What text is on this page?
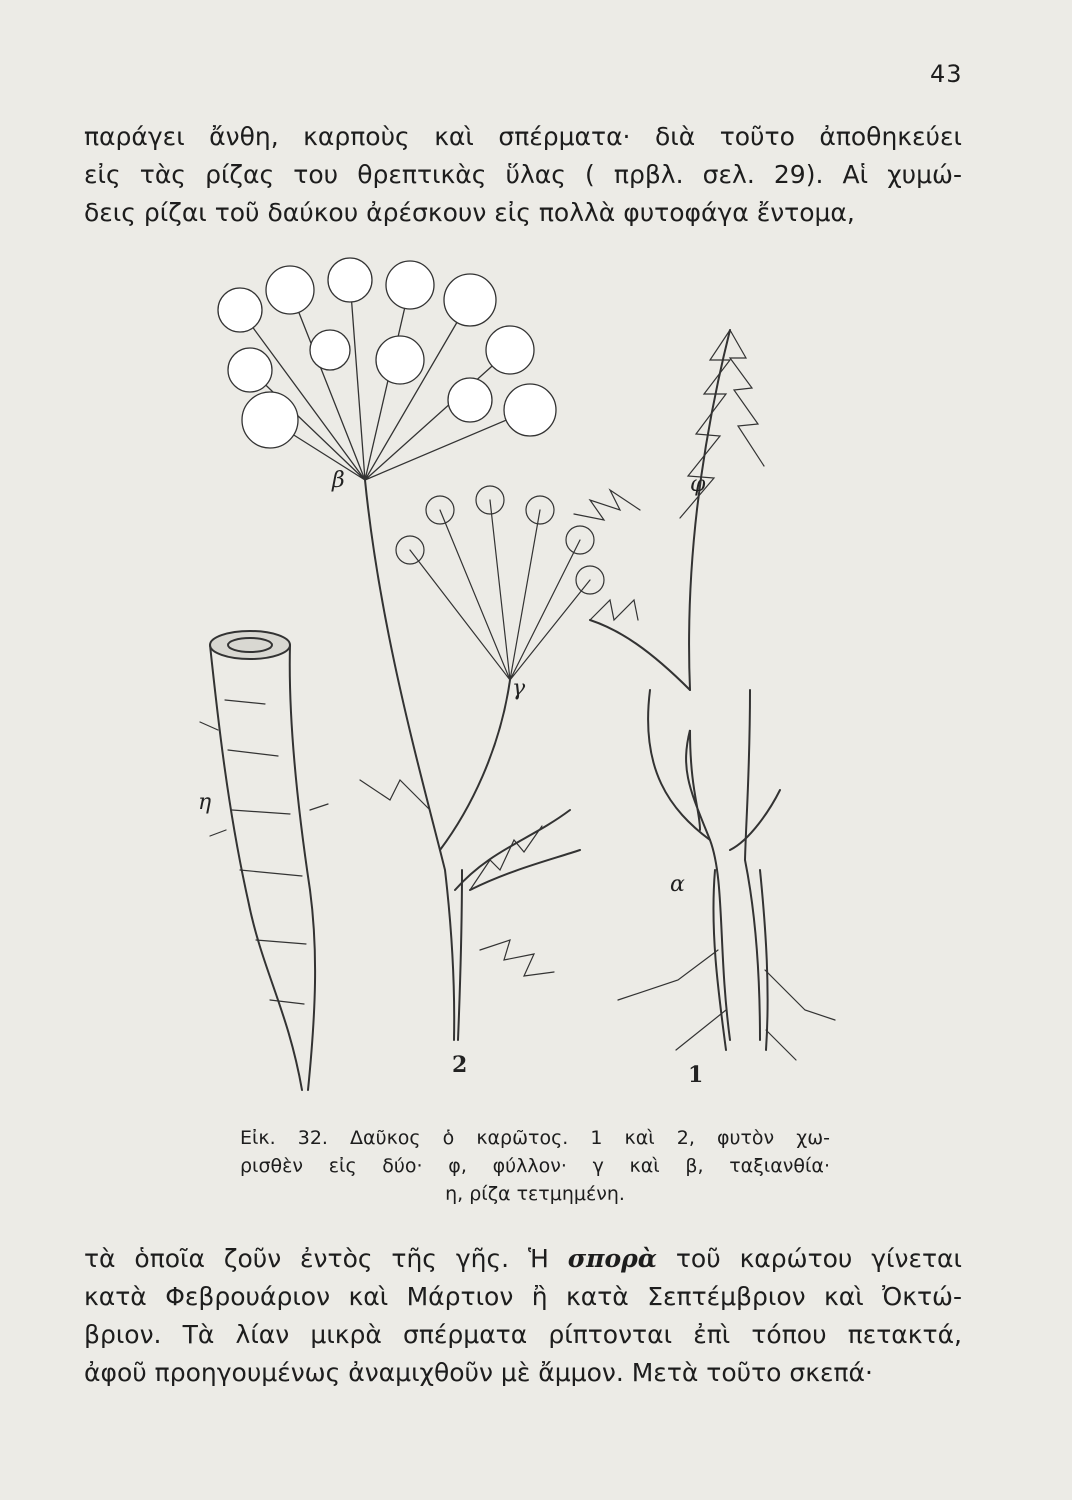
43

παράγει ἄνθη, καρποὺς καὶ σπέρματα· διὰ τοῦτο ἀποθηκεύει
εἰς τὰς ρίζας του θρεπτικὰς ὕλας ( πρβλ. σελ. 29). Αἱ χυμώ-
δεις ρίζαι τοῦ δαύκου ἀρέσκουν εἰς πολλὰ φυτοφάγα ἔντομα,

η
β
γ
φ
α
2	1

Εἰκ. 32. Δαῦκος ὁ καρῶτος. 1 καὶ 2, φυτὸν χω-
ρισθὲν εἰς δύο· φ, φύλλον· γ καὶ β, ταξιανθία·
η, ρίζα τετμημένη.

τὰ ὁποῖα ζοῦν ἐντὸς τῆς γῆς. Ἡ σπορὰ τοῦ καρώτου γίνεται
κατὰ Φεβρουάριον καὶ Μάρτιον ἢ κατὰ Σεπτέμβριον καὶ Ὀκτώ-
βριον. Τὰ λίαν μικρὰ σπέρματα ρίπτονται ἐπὶ τόπου πετακτά,
ἀφοῦ προηγουμένως ἀναμιχθοῦν μὲ ἄμμον. Μετὰ τοῦτο σκεπά·
